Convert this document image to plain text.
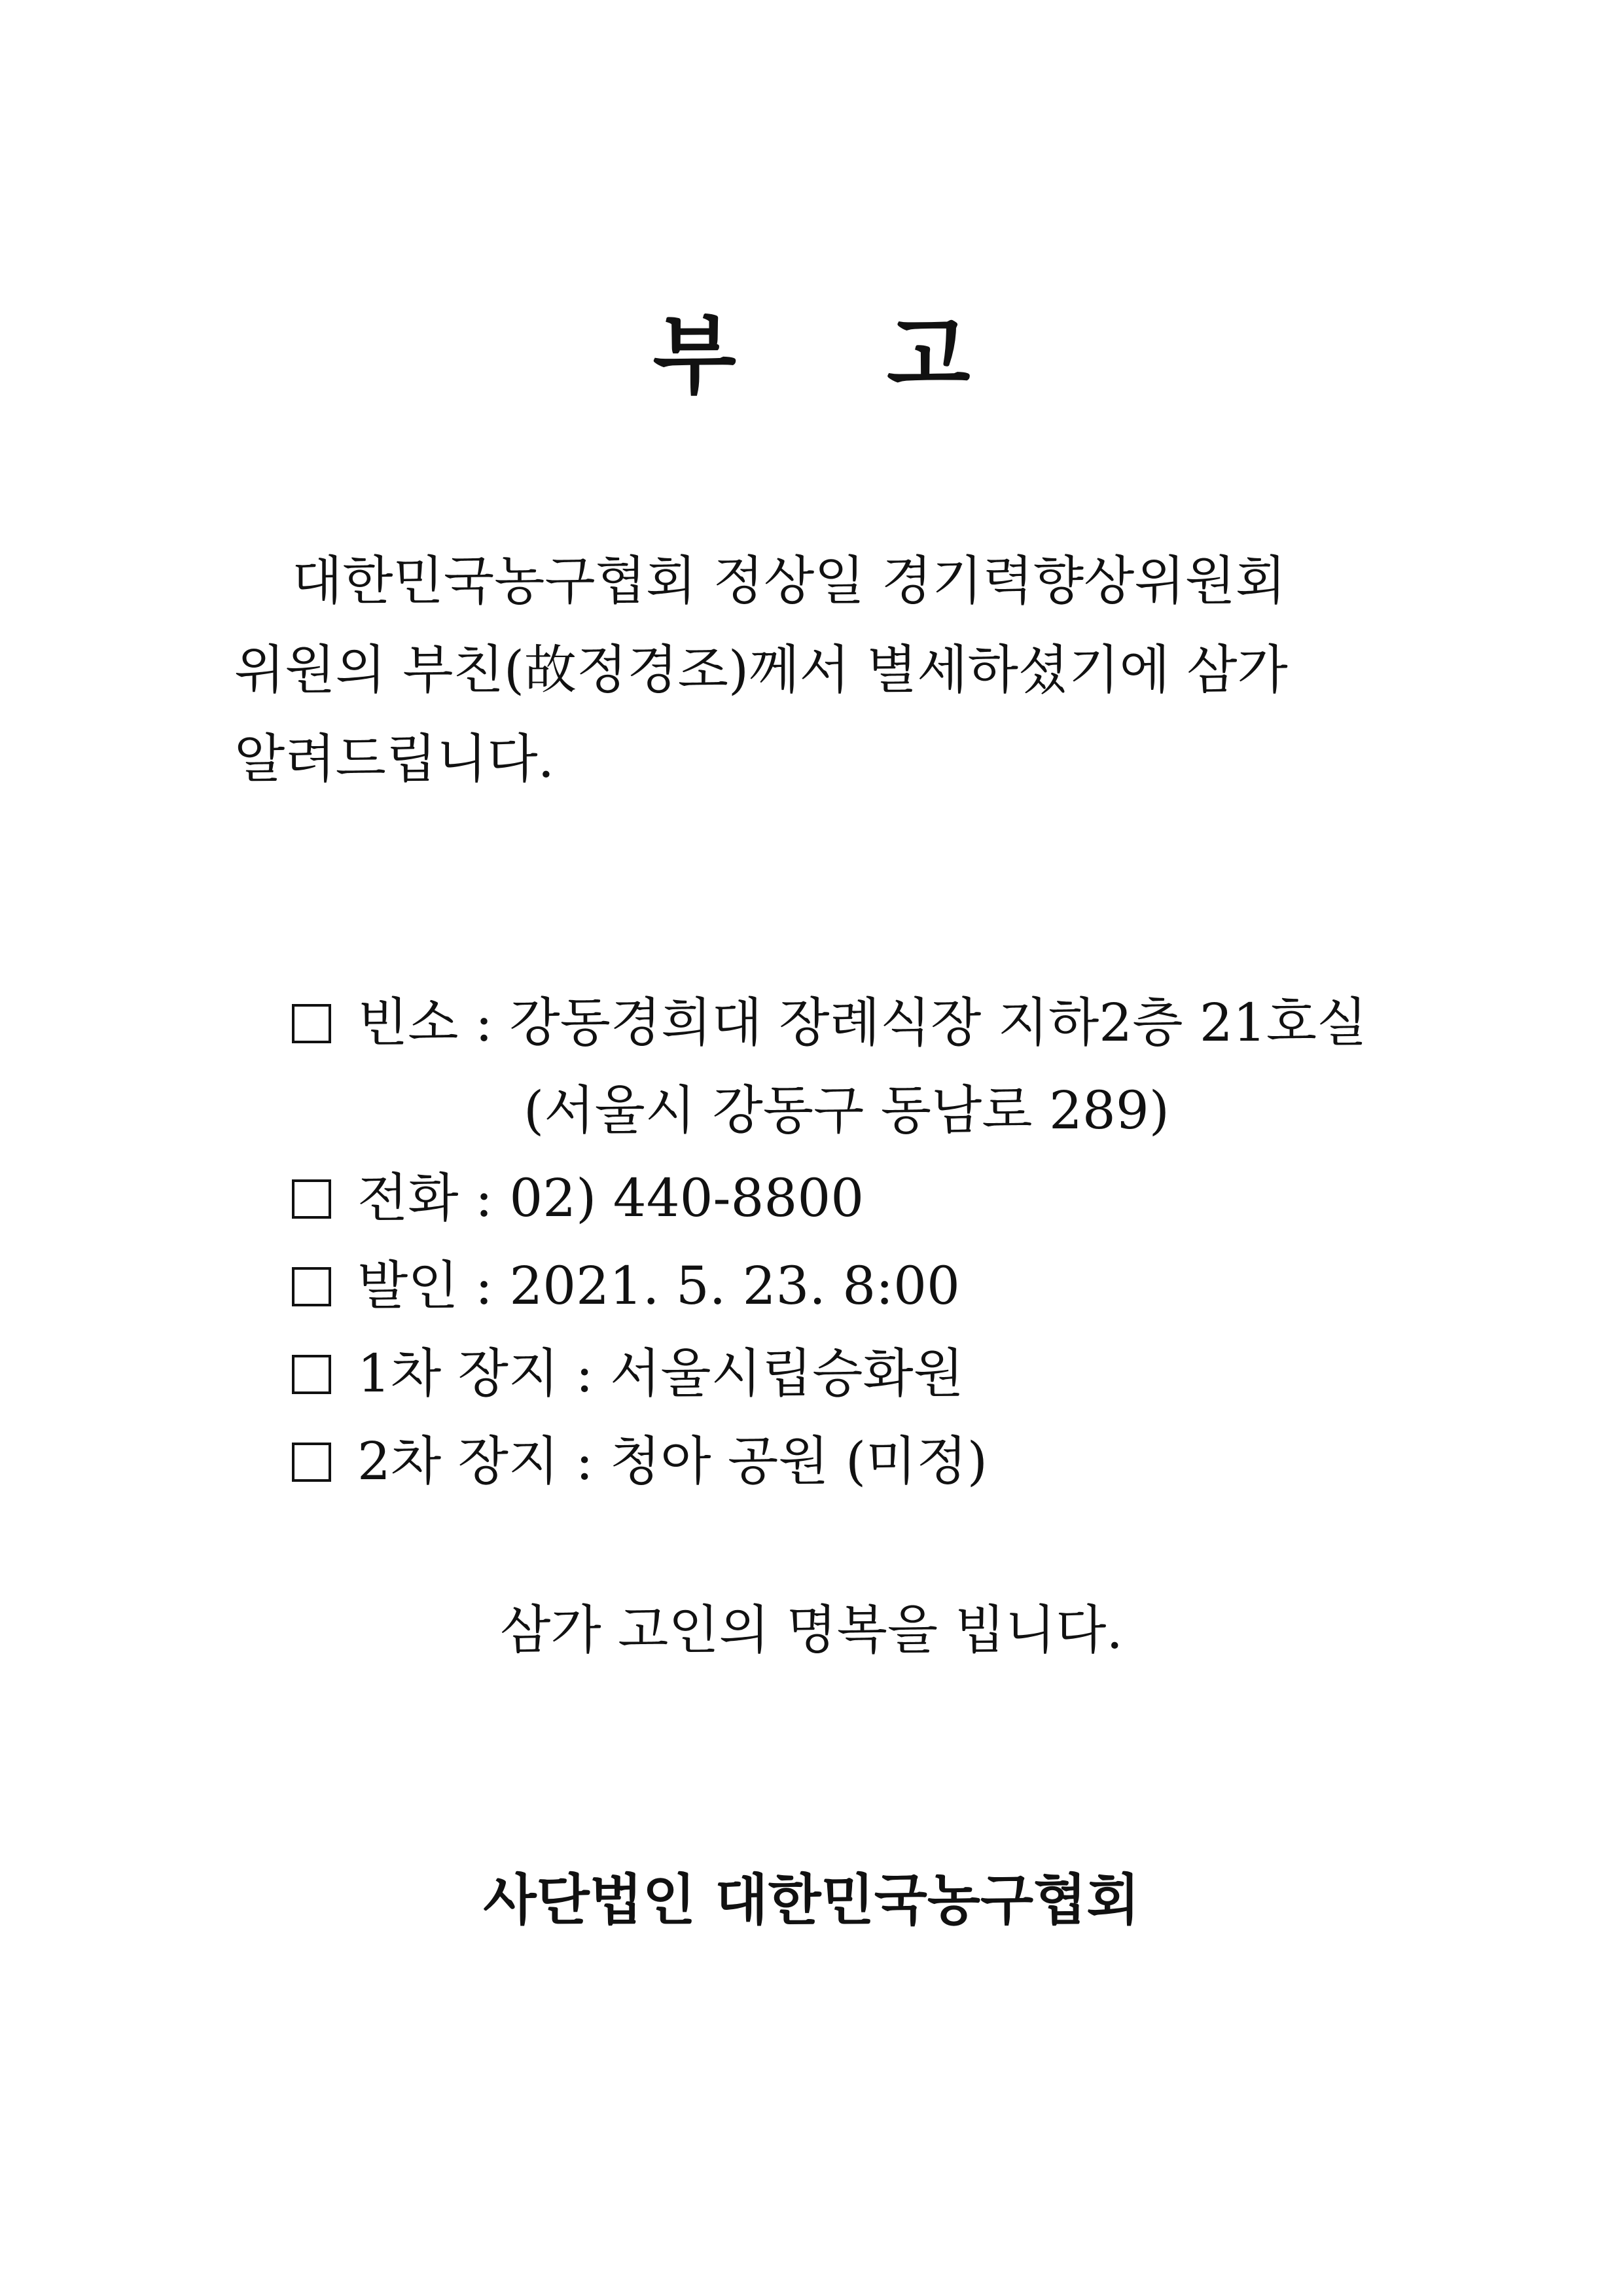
부 고
대한민국농구협회 정상일 경기력향상위원회
위원의 부친(故정경조)께서 별세하셨기에 삼가
알려드립니다.
빈소 : 강동경희대 장례식장 지하2층 21호실
(서울시 강동구 동남로 289)
전화 : 02) 440-8800
발인 : 2021. 5. 23. 8:00
1차 장지 : 서울시립승화원
2차 장지 : 청아 공원 (미정)
삼가 고인의 명복을 빕니다.
사단법인 대한민국농구협회
